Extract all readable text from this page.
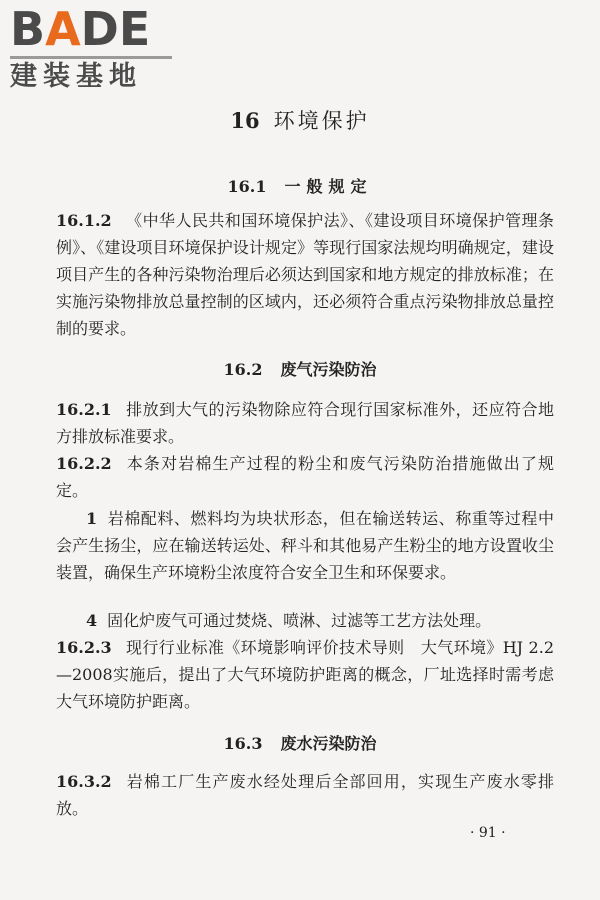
BADE
建装基地
16 环境保护
16.1 一般规定
16.1.2 《中华人民共和国环境保护法》、《建设项目环境保护管理条例》、《建设项目环境保护设计规定》等现行国家法规均明确规定，建设项目产生的各种污染物治理后必须达到国家和地方规定的排放标准；在实施污染物排放总量控制的区域内，还必须符合重点污染物排放总量控制的要求。
16.2 废气污染防治
16.2.1 排放到大气的污染物除应符合现行国家标准外，还应符合地方排放标准要求。
16.2.2 本条对岩棉生产过程的粉尘和废气污染防治措施做出了规定。
1 岩棉配料、燃料均为块状形态，但在输送转运、称重等过程中会产生扬尘，应在输送转运处、秤斗和其他易产生粉尘的地方设置收尘装置，确保生产环境粉尘浓度符合安全卫生和环保要求。
4 固化炉废气可通过焚烧、喷淋、过滤等工艺方法处理。
16.2.3 现行行业标准《环境影响评价技术导则　大气环境》HJ 2.2—2008实施后，提出了大气环境防护距离的概念，厂址选择时需考虑大气环境防护距离。
16.3 废水污染防治
16.3.2 岩棉工厂生产废水经处理后全部回用，实现生产废水零排放。
· 91 ·
